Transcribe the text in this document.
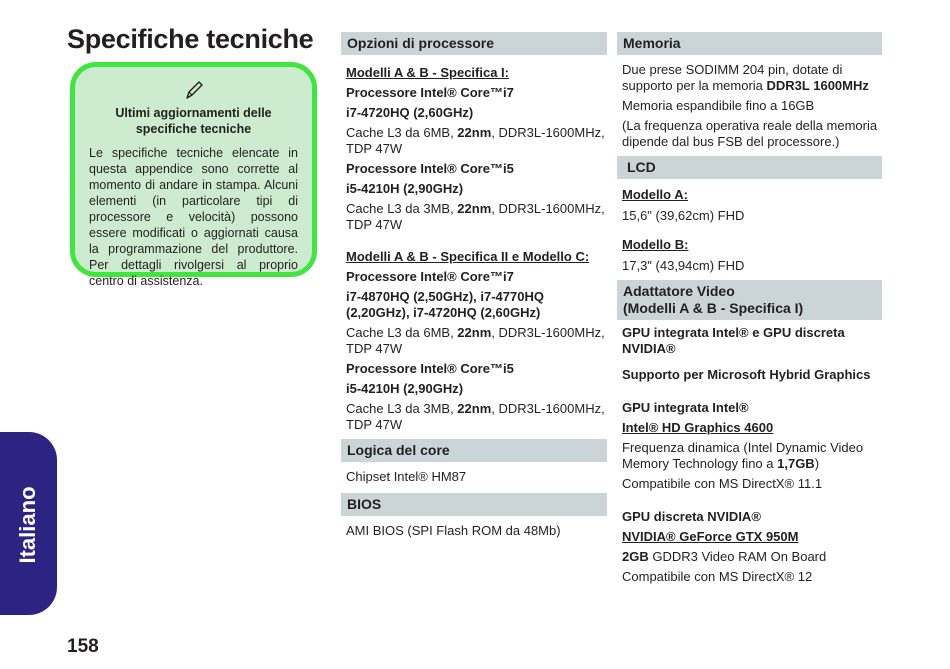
Specifiche tecniche
Ultimi aggiornamenti delle specifiche tecniche

Le specifiche tecniche elencate in questa appendice sono corrette al momento di andare in stampa. Alcuni elementi (in particolare tipi di processore e velocità) possono essere modificati o aggiornati causa la programmazione del produttore. Per dettagli rivolgersi al proprio centro di assistenza.

Opzioni di processore

Modelli A & B - Specifica I:

Processore Intel® Core™i7

i7-4720HQ (2,60GHz)

Cache L3 da 6MB, 22nm, DDR3L-1600MHz, TDP 47W

Processore Intel® Core™i5

i5-4210H (2,90GHz)

Cache L3 da 3MB, 22nm, DDR3L-1600MHz, TDP 47W

Modelli A & B - Specifica II e Modello C:

Processore Intel® Core™i7

i7-4870HQ (2,50GHz), i7-4770HQ (2,20GHz), i7-4720HQ (2,60GHz)

Cache L3 da 6MB, 22nm, DDR3L-1600MHz, TDP 47W

Processore Intel® Core™i5

i5-4210H (2,90GHz)

Cache L3 da 3MB, 22nm, DDR3L-1600MHz, TDP 47W

Logica del core

Chipset Intel® HM87

BIOS

AMI BIOS (SPI Flash ROM da 48Mb)

Memoria

Due prese SODIMM 204 pin, dotate di supporto per la memoria DDR3L 1600MHz

Memoria espandibile fino a 16GB

(La frequenza operativa reale della memoria dipende dal bus FSB del processore.)

LCD

Modello A:

15,6" (39,62cm) FHD

Modello B:

17,3" (43,94cm) FHD

Adattatore Video
(Modelli A & B - Specifica I)

GPU integrata Intel® e GPU discreta NVIDIA®

Supporto per Microsoft Hybrid Graphics

GPU integrata Intel®

Intel® HD Graphics 4600

Frequenza dinamica (Intel Dynamic Video Memory Technology fino a 1,7GB)

Compatibile con MS DirectX® 11.1

GPU discreta NVIDIA®

NVIDIA® GeForce GTX 950M

2GB GDDR3 Video RAM On Board

Compatibile con MS DirectX® 12

Italiano
158
